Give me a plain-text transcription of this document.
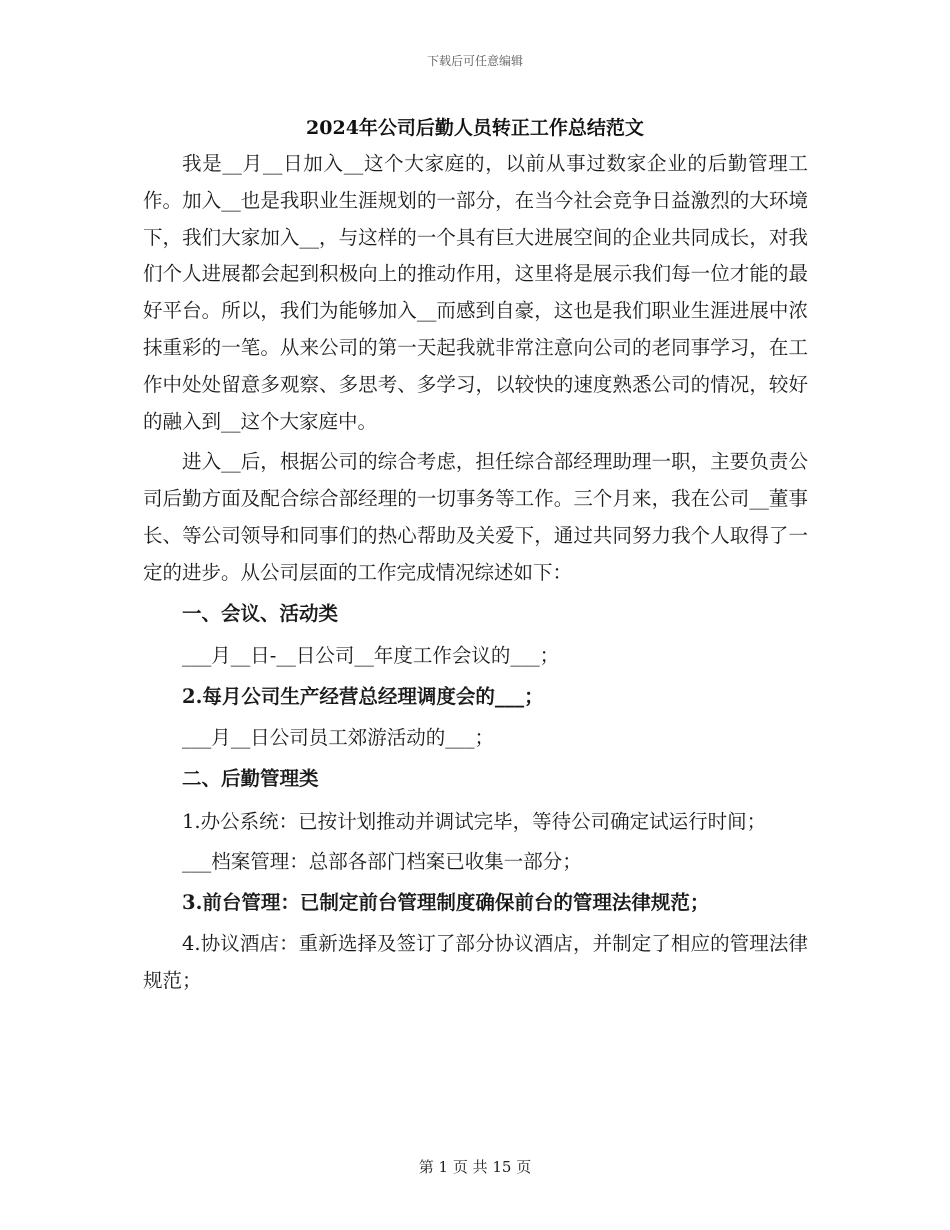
下载后可任意编辑
2024年公司后勤人员转正工作总结范文

我是__月__日加入__这个大家庭的，以前从事过数家企业的后勤管理工作。加入__也是我职业生涯规划的一部分，在当今社会竞争日益激烈的大环境下，我们大家加入__，与这样的一个具有巨大进展空间的企业共同成长，对我们个人进展都会起到积极向上的推动作用，这里将是展示我们每一位才能的最好平台。所以，我们为能够加入__而感到自豪，这也是我们职业生涯进展中浓抹重彩的一笔。从来公司的第一天起我就非常注意向公司的老同事学习，在工作中处处留意多观察、多思考、多学习，以较快的速度熟悉公司的情况，较好的融入到__这个大家庭中。

进入__后，根据公司的综合考虑，担任综合部经理助理一职，主要负责公司后勤方面及配合综合部经理的一切事务等工作。三个月来，我在公司__董事长、等公司领导和同事们的热心帮助及关爱下，通过共同努力我个人取得了一定的进步。从公司层面的工作完成情况综述如下：

一、会议、活动类

___月__日-__日公司__年度工作会议的___；

2.每月公司生产经营总经理调度会的___；

___月__日公司员工郊游活动的___；

二、后勤管理类

1.办公系统：已按计划推动并调试完毕，等待公司确定试运行时间；

___档案管理：总部各部门档案已收集一部分；

3.前台管理：已制定前台管理制度确保前台的管理法律规范；

4.协议酒店：重新选择及签订了部分协议酒店，并制定了相应的管理法律规范；

第 1 页 共 15 页
